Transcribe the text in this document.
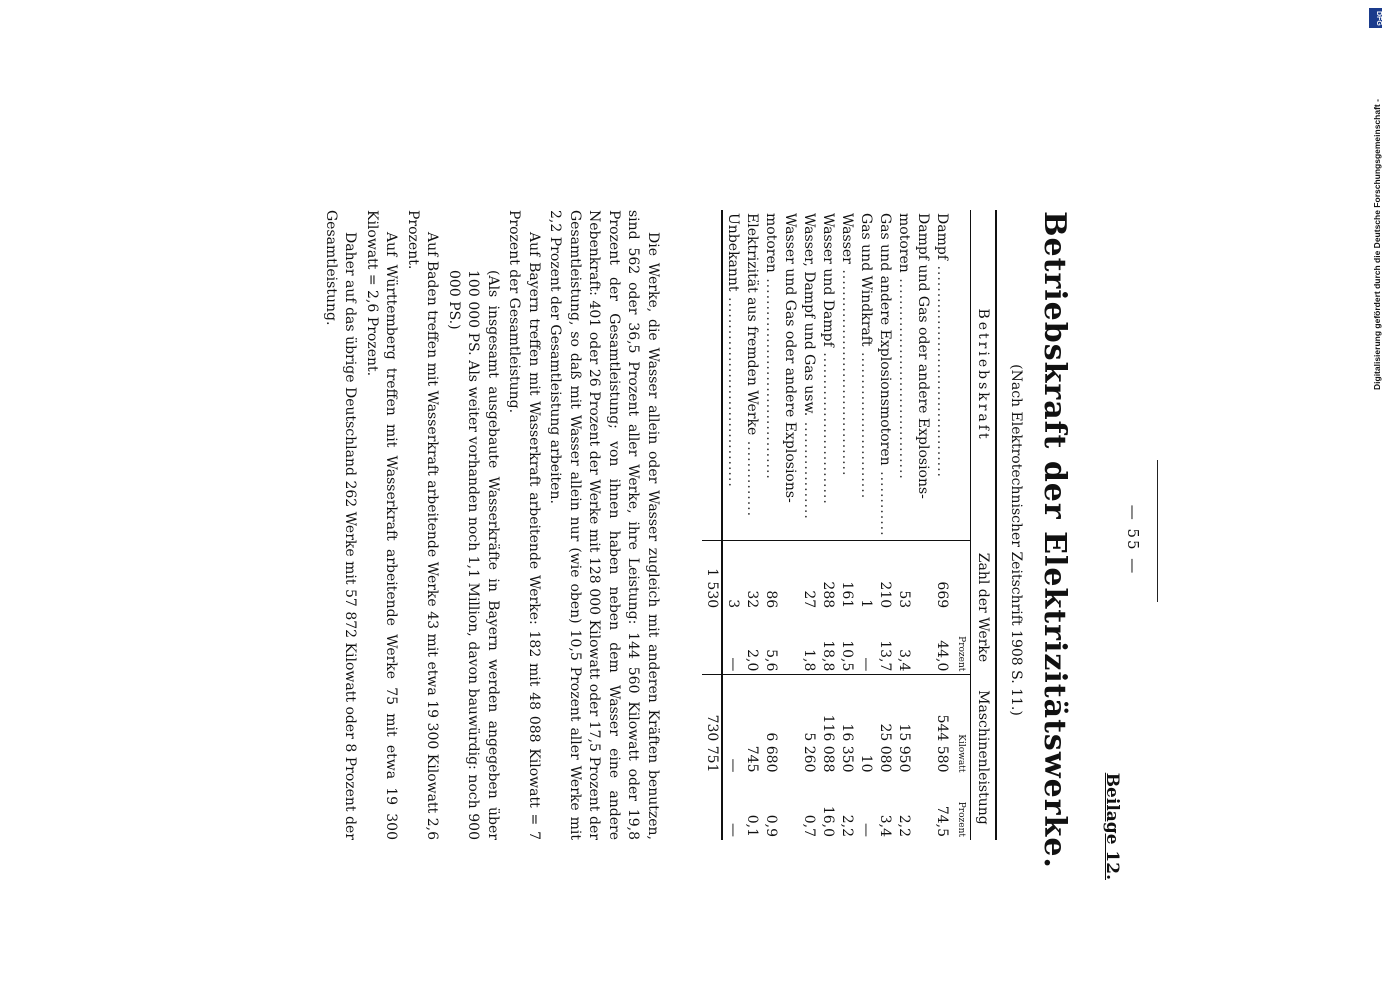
— 55 —
Beilage 12.
Betriebskraft der Elektrizitätswerke.
(Nach Elektrotechnischer Zeitschrift 1908 S. 11.)
Betriebskraft	Zahl der Werke		Maschinenleistung	
		Prozent	Kilowatt	Prozent
Dampf .......................................	669	44,0	544 580	74,5
Dampf und Gas oder andere Explosions-				
motoren .....................................	53	3,4	15 950	2,2
Gas und andere Explosionsmotoren ............	210	13,7	25 080	3,4
Gas und Windkraft ...........................	1	—	10	—
Wasser ......................................	161	10,5	16 350	2,2
Wasser und Dampf ............................	288	18,8	116 088	16,0
Wasser, Dampf und Gas usw. ..................	27	1,8	5 260	0,7
Wasser und Gas oder andere Explosions-				
motoren .....................................	86	5,6	6 680	0,9
Elektrizität aus fremden Werke ..............	32	2,0	745	0,1
Unbekannt ...................................	3	—	—	—
	1 530		730 751	

Die Werke, die Wasser allein oder Wasser zugleich mit anderen Kräften benutzen, sind 562 oder 36,5 Prozent aller Werke, ihre Leistung: 144 560 Kilowatt oder 19,8 Prozent der Gesamtleistung; von ihnen haben neben dem Wasser eine andere Nebenkraft: 401 oder 26 Prozent der Werke mit 128 000 Kilowatt oder 17,5 Prozent der Gesamtleistung, so daß mit Wasser allein nur (wie oben) 10,5 Prozent aller Werke mit 2,2 Prozent der Gesamtleistung arbeiten.

Auf Bayern treffen mit Wasserkraft arbeitende Werke: 182 mit 48 088 Kilowatt = 7 Prozent der Gesamtleistung.

(Als insgesamt ausgebaute Wasserkräfte in Bayern werden angegeben über 100 000 PS. Als weiter vorhanden noch 1,1 Million, davon bauwürdig: noch 900 000 PS.)

Auf Baden treffen mit Wasserkraft arbeitende Werke 43 mit etwa 19 300 Kilowatt 2,6 Prozent.

Auf Württemberg treffen mit Wasserkraft arbeitende Werke 75 mit etwa 19 300 Kilowatt = 2,6 Prozent.

Daher auf das übrige Deutschland 262 Werke mit 57 872 Kilowatt oder 8 Prozent der Gesamtleistung.

DFG
Digitalisierung gefördert durch die Deutsche Forschungsgemeinschaft -
